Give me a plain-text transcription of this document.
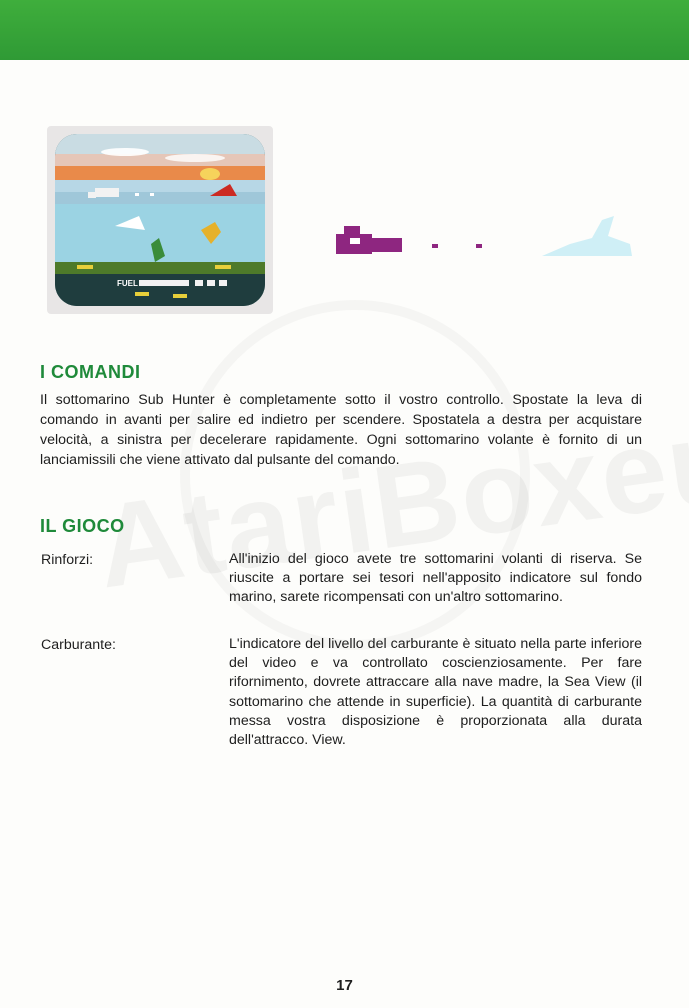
FUEL
I COMANDI

Il sottomarino Sub Hunter è completamente sotto il vostro controllo. Spostate la leva di comando in avanti per salire ed indietro per scendere. Spostatela a destra per acquistare velocità, a sinistra per decelerare rapidamente. Ogni sottomarino volante è fornito di un lanciamissili che viene attivato dal pulsante del comando.

IL GIOCO
Rinforzi:	All'inizio del gioco avete tre sottomarini volanti di riserva. Se riuscite a portare sei tesori nell'apposito indicatore sul fondo marino, sarete ricompensati con un'altro sottomarino.

Carburante:	L'indicatore del livello del carburante è situato nella parte inferiore del video e va controllato coscienziosamente. Per fare rifornimento, dovrete attraccare alla nave madre, la Sea View (il sottomarino che attende in superficie). La quantità di carburante messa vostra disposizione è proporzionata alla durata dell'attracco. View.

17
